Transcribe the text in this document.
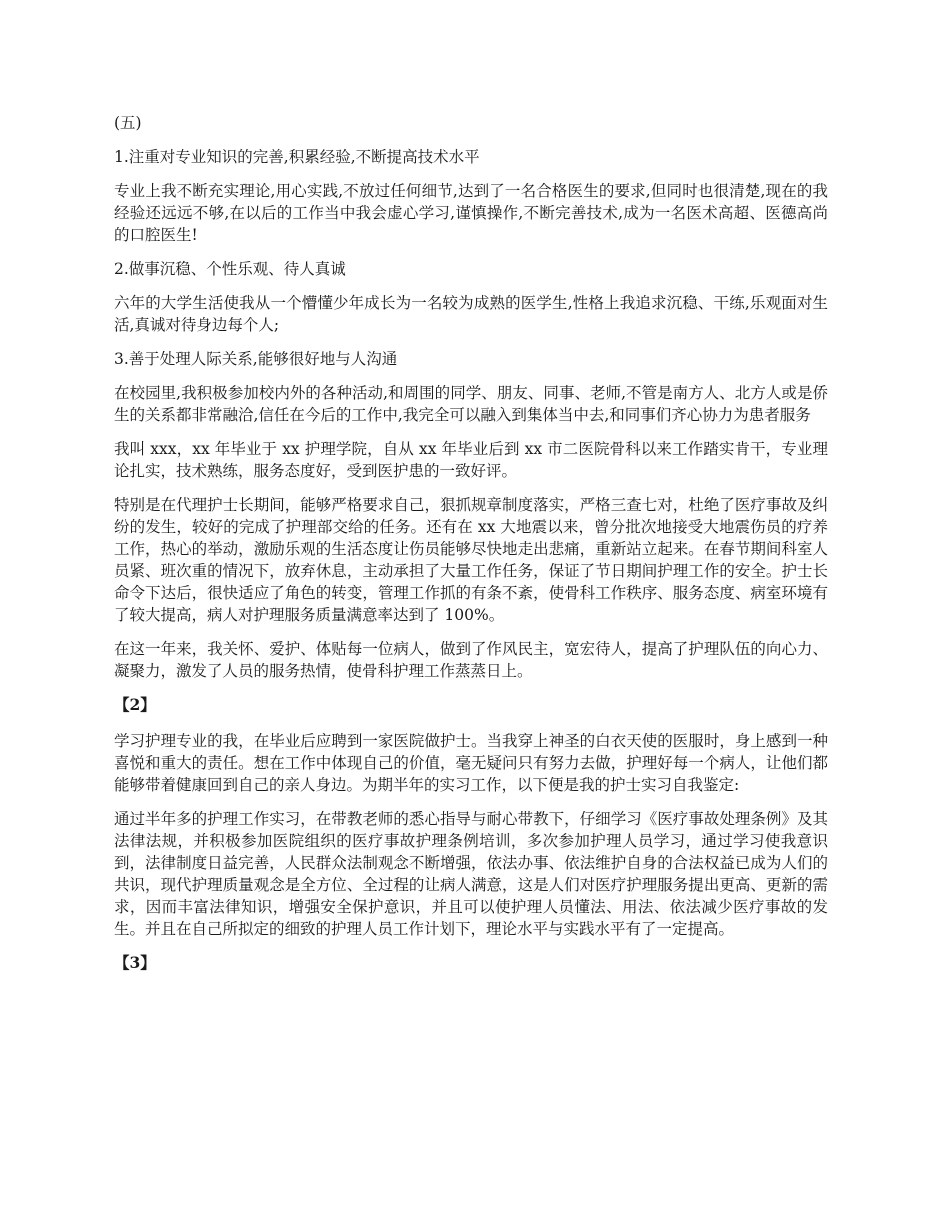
(五)
1.注重对专业知识的完善,积累经验,不断提高技术水平
专业上我不断充实理论,用心实践,不放过任何细节,达到了一名合格医生的要求,但同时也很清楚,现在的我经验还远远不够,在以后的工作当中我会虚心学习,谨慎操作,不断完善技术,成为一名医术高超、医德高尚的口腔医生!
2.做事沉稳、个性乐观、待人真诚
六年的大学生活使我从一个懵懂少年成长为一名较为成熟的医学生,性格上我追求沉稳、干练,乐观面对生活,真诚对待身边每个人;
3.善于处理人际关系,能够很好地与人沟通
在校园里,我积极参加校内外的各种活动,和周围的同学、朋友、同事、老师,不管是南方人、北方人或是侨生的关系都非常融洽,信任在今后的工作中,我完全可以融入到集体当中去,和同事们齐心协力为患者服务
我叫 xxx，xx 年毕业于 xx 护理学院，自从 xx 年毕业后到 xx 市二医院骨科以来工作踏实肯干，专业理论扎实，技术熟练，服务态度好，受到医护患的一致好评。
特别是在代理护士长期间，能够严格要求自己，狠抓规章制度落实，严格三查七对，杜绝了医疗事故及纠纷的发生，较好的完成了护理部交给的任务。还有在 xx 大地震以来，曾分批次地接受大地震伤员的疗养工作，热心的举动，激励乐观的生活态度让伤员能够尽快地走出悲痛，重新站立起来。在春节期间科室人员紧、班次重的情况下，放弃休息，主动承担了大量工作任务，保证了节日期间护理工作的安全。护士长命令下达后，很快适应了角色的转变，管理工作抓的有条不紊，使骨科工作秩序、服务态度、病室环境有了较大提高，病人对护理服务质量满意率达到了 100%。
在这一年来，我关怀、爱护、体贴每一位病人，做到了作风民主，宽宏待人，提高了护理队伍的向心力、凝聚力，激发了人员的服务热情，使骨科护理工作蒸蒸日上。
【2】
学习护理专业的我，在毕业后应聘到一家医院做护士。当我穿上神圣的白衣天使的医服时，身上感到一种喜悦和重大的责任。想在工作中体现自己的价值，毫无疑问只有努力去做，护理好每一个病人，让他们都能够带着健康回到自己的亲人身边。为期半年的实习工作，以下便是我的护士实习自我鉴定:
通过半年多的护理工作实习，在带教老师的悉心指导与耐心带教下，仔细学习《医疗事故处理条例》及其法律法规，并积极参加医院组织的医疗事故护理条例培训，多次参加护理人员学习，通过学习使我意识到，法律制度日益完善，人民群众法制观念不断增强，依法办事、依法维护自身的合法权益已成为人们的共识，现代护理质量观念是全方位、全过程的让病人满意，这是人们对医疗护理服务提出更高、更新的需求，因而丰富法律知识，增强安全保护意识，并且可以使护理人员懂法、用法、依法减少医疗事故的发生。并且在自己所拟定的细致的护理人员工作计划下，理论水平与实践水平有了一定提高。
【3】
